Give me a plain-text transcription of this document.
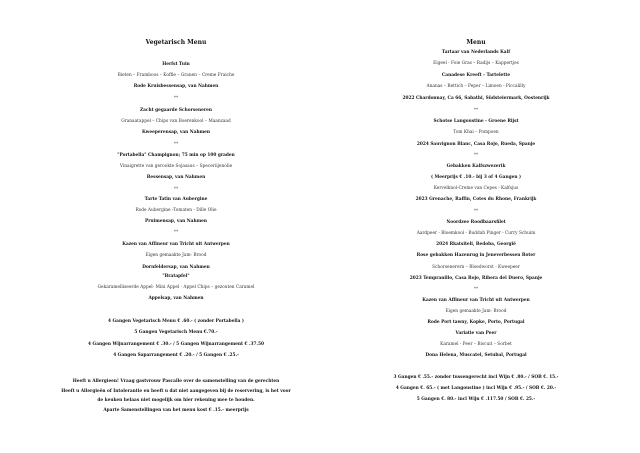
Vegetarisch Menu
Herfst Tuin
Bieten – Framboos – Koffie – Granen – Creme Fraiche
Rode Kruisbessensap, van Nahmen
**
Zacht gegaarde Schorseneren
Granaatappel – Chips van Boerenkool – Maanzaad
Kweeperensap, van Nahmen
**
"Portabella" Champignon; 75 min op 100 graden
Vinaigrette van gerookte Sojasaus – Speceriijenolie
Bessensap, van Nahmen
**
Tarte Tatin van Aubergine
Rode Aubergine -Tomaten - Dille Olie
Pruimensap, van Nahmen
**
Kazen van Affineur van Tricht uit Antwerpen
Eigen gemaakte Jam- Brood
Dornfeldersap, van Nahmen
"Bratapfel"
Gekaramelliseerde Appel- Mini Appel - Appel Chips – gezouten Caramel
Appelsap, van Nahmen
4 Gangen Vegetarisch Menu € .60.- ( zonder Portabella )
5 Gangen Vegetarisch Menu €.70.-
4 Gangen Wijnarrangement € .30.- / 5 Gangen Wijnarrangement € .37.50
4 Gangen Saparrangement € .20.- / 5 Gangen € .25.-
Heeft u Allergieen! Vraag gastvrouw Pascalle over de samenstelling van de gerechten
Heeft u Allergieën of Intolerantie en heeft u dat niet aangegeven bij de reservering, is het voor
de keuken helaas niet mogelijk om hier rekening mee te houden.
Aparte Samenstellingen van het menu kost € .15.- meerprijs
Menu
Tartaar van Nederlands Kalf
Eigeel - Foie Gras – Radijs – Kappertjes
Canadese Kreeft - Tartelette
Ananas – Rettich – Peper – Limoen - Piccalilly
2022 Chardonnay, Ca 66, Sabathi, Südsteiermark, Oostenrijk
**
Schotse Langoustine - Groene Rijst
Tom Khai – Pompoen
2024 Sauvignon Blanc, Casa Rojo, Rueda, Spanje
**
Gebakken Kalfszwezerik
( Meerprijs € .10.- bij 3 of 4 Gangen )
Kervelknol-Creme van Cepes - Kalfsjus
2023 Grenache, Raffin, Cotes du Rhone, Frankrijk
**
Noordzee Roodbaarsfilet
Aardpeer - Bloemkool - Buddah Pinger - Curry Schuim
2024 Rkatsiteli, Bedoba, Georgië
Rose gebakken Hazenrug in Jeneverbessen Boter
Schorsenerern – Bloedworst - Kweepeer
2023 Tempranillo, Casa Rojo, Ribera del Duero, Spanje
**
Kazen van Affineur van Tricht uit Antwerpen
Eigen gemaakte Jam- Brood
Rode Port tawny, Kopke, Porto, Portugal
Variatie van Peer
Karamel - Peer – Biscuit – Sorbet
Dona Helena, Muscatel, Setubal, Portugal
3 Gangen € .55.- zonder tussengerecht incl Wijn € .80.- / SOB €. 15.-
4 Gangen €. 65.- ( met Langoustine ) incl Wijn € .95.- / SOB €. 20.-
5 Gangen €. 80.- incl Wijn € .117.50 / SOB €. 25.-
